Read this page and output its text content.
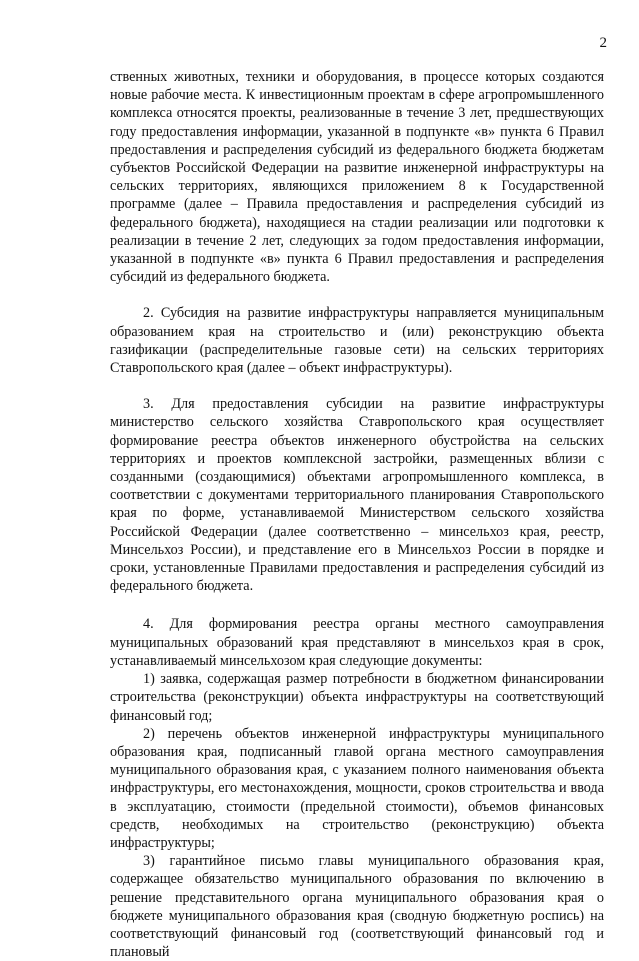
2

ственных животных, техники и оборудования, в процессе которых создаются новые рабочие места. К инвестиционным проектам в сфере агропромышленного комплекса относятся проекты, реализованные в течение 3 лет, предшествующих году предоставления информации, указанной в подпункте «в» пункта 6 Правил предоставления и распределения субсидий из федерального бюджета бюджетам субъектов Российской Федерации на развитие инженерной инфраструктуры на сельских территориях, являющихся приложением 8 к Государственной программе (далее – Правила предоставления и распределения субсидий из федерального бюджета), находящиеся на стадии реализации или подготовки к реализации в течение 2 лет, следующих за годом предоставления информации, указанной в подпункте «в» пункта 6 Правил предоставления и распределения субсидий из федерального бюджета.

2. Субсидия на развитие инфраструктуры направляется муниципальным образованием края на строительство и (или) реконструкцию объекта газификации (распределительные газовые сети) на сельских территориях Ставропольского края (далее – объект инфраструктуры).

3. Для предоставления субсидии на развитие инфраструктуры министерство сельского хозяйства Ставропольского края осуществляет формирование реестра объектов инженерного обустройства на сельских территориях и проектов комплексной застройки, размещенных вблизи с созданными (создающимися) объектами агропромышленного комплекса, в соответствии с документами территориального планирования Ставропольского края по форме, устанавливаемой Министерством сельского хозяйства Российской Федерации (далее соответственно – минсельхоз края, реестр, Минсельхоз России), и представление его в Минсельхоз России в порядке и сроки, установленные Правилами предоставления и распределения субсидий из федерального бюджета.

4. Для формирования реестра органы местного самоуправления муниципальных образований края представляют в минсельхоз края в срок, устанавливаемый минсельхозом края следующие документы:

1) заявка, содержащая размер потребности в бюджетном финансировании строительства (реконструкции) объекта инфраструктуры на соответствующий финансовый год;

2) перечень объектов инженерной инфраструктуры муниципального образования края, подписанный главой органа местного самоуправления муниципального образования края, с указанием полного наименования объекта инфраструктуры, его местонахождения, мощности, сроков строительства и ввода в эксплуатацию, стоимости (предельной стоимости), объемов финансовых средств, необходимых на строительство (реконструкцию) объекта инфраструктуры;

3) гарантийное письмо главы муниципального образования края, содержащее обязательство муниципального образования по включению в решение представительного органа муниципального образования края о бюджете муниципального образования края (сводную бюджетную роспись) на соответствующий финансовый год (соответствующий финансовый год и плановый
